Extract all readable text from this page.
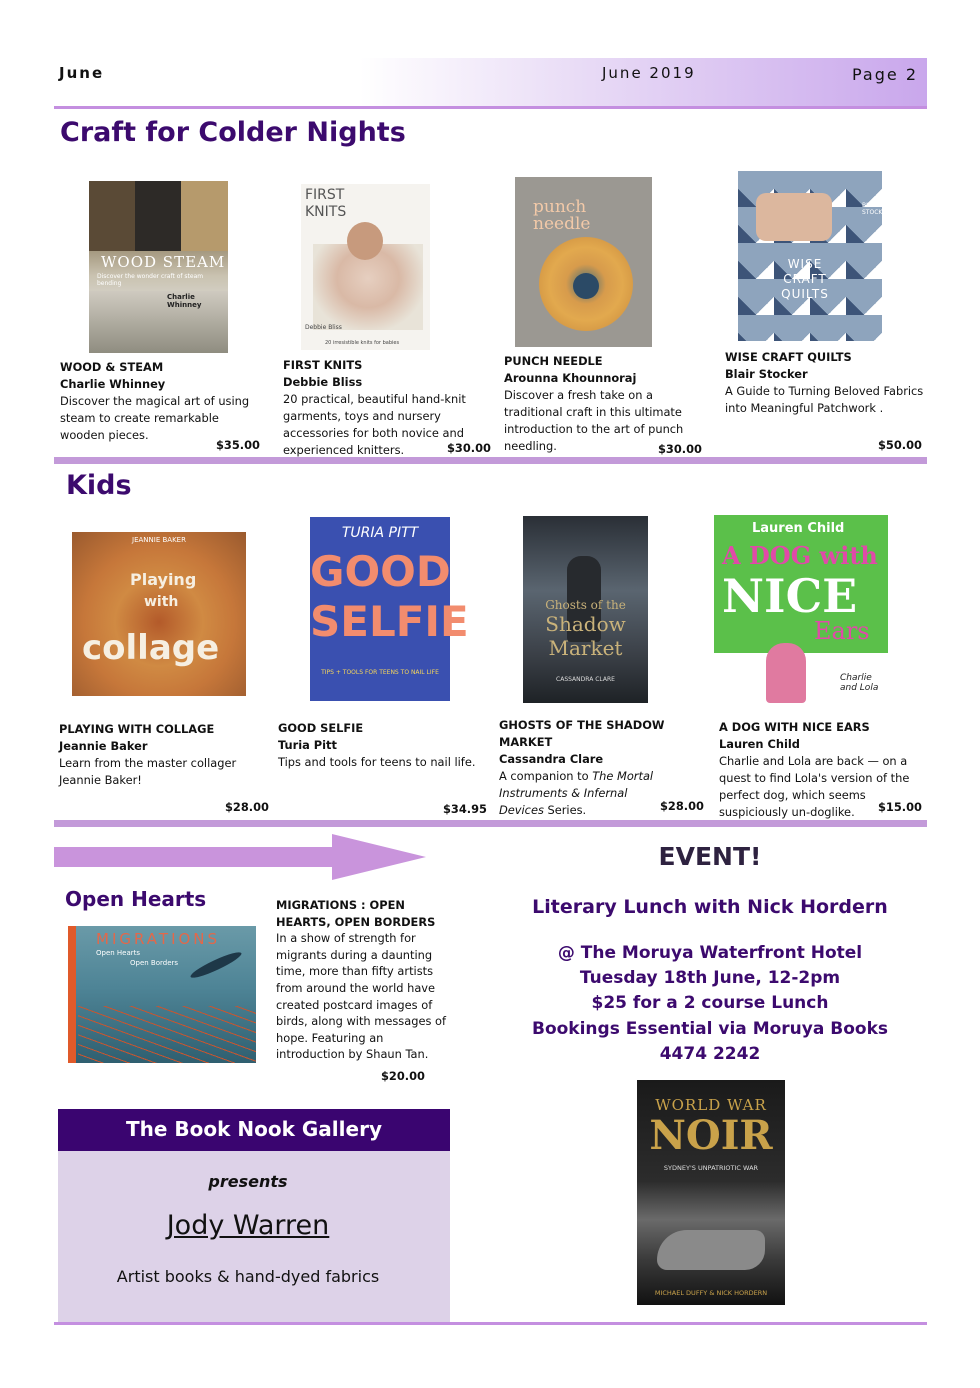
June	June 2019	Page 2
Craft for Colder Nights
WOOD STEAM
Discover the wonder craft of steam bending
Charlie Whinney
FIRST
KNITS
Debbie Bliss
20 irresistible knits for babies
punch needle
BLAIR STOCKER
WISE
CRAFT
QUILTS
WOOD & STEAM
Charlie Whinney
Discover the magical art of using steam to create remarkable wooden pieces.
$35.00
FIRST KNITS
Debbie Bliss
20 practical, beautiful hand-knit garments, toys and nursery accessories for both novice and experienced knitters.	$30.00
PUNCH NEEDLE
Arounna Khounnoraj
Discover a fresh take on a traditional craft in this ultimate introduction to the art of punch needling.	$30.00
WISE CRAFT QUILTS
Blair Stocker
A Guide to Turning Beloved Fabrics into Meaningful Patchwork .
$50.00
Kids
JEANNIE BAKER
Playing
with
collage
TURIA PITT
GOOD
SELFIE
TIPS + TOOLS FOR TEENS TO NAIL LIFE
Ghosts of the
Shadow
Market
CASSANDRA CLARE
Lauren Child
A DOG with
NICE
Ears
Charlie and Lola
PLAYING WITH COLLAGE
Jeannie Baker
Learn from the master collager Jeannie Baker!
$28.00
GOOD SELFIE
Turia Pitt
Tips and tools for teens to nail life.
$34.95
GHOSTS OF THE SHADOW MARKET
Cassandra Clare
A companion to The Mortal Instruments & Infernal Devices Series.	$28.00
A DOG WITH NICE EARS
Lauren Child
Charlie and Lola are back — on a quest to find Lola's version of the perfect dog, which seems suspiciously un-doglike.	$15.00
Open Hearts
MIGRATIONS
Open Hearts
Open Borders
MIGRATIONS : OPEN HEARTS, OPEN BORDERS
In a show of strength for migrants during a daunting time, more than fifty artists from around the world have created postcard images of birds, along with messages of hope. Featuring an introduction by Shaun Tan.
$20.00
The Book Nook Gallery
presents
Jody Warren
Artist books & hand-dyed fabrics
EVENT!
Literary Lunch with Nick Hordern
@ The Moruya Waterfront Hotel
Tuesday 18th June, 12-2pm
$25 for a 2 course Lunch
Bookings Essential via Moruya Books
4474 2242
WORLD WAR
NOIR
SYDNEY'S UNPATRIOTIC WAR
MICHAEL DUFFY & NICK HORDERN
